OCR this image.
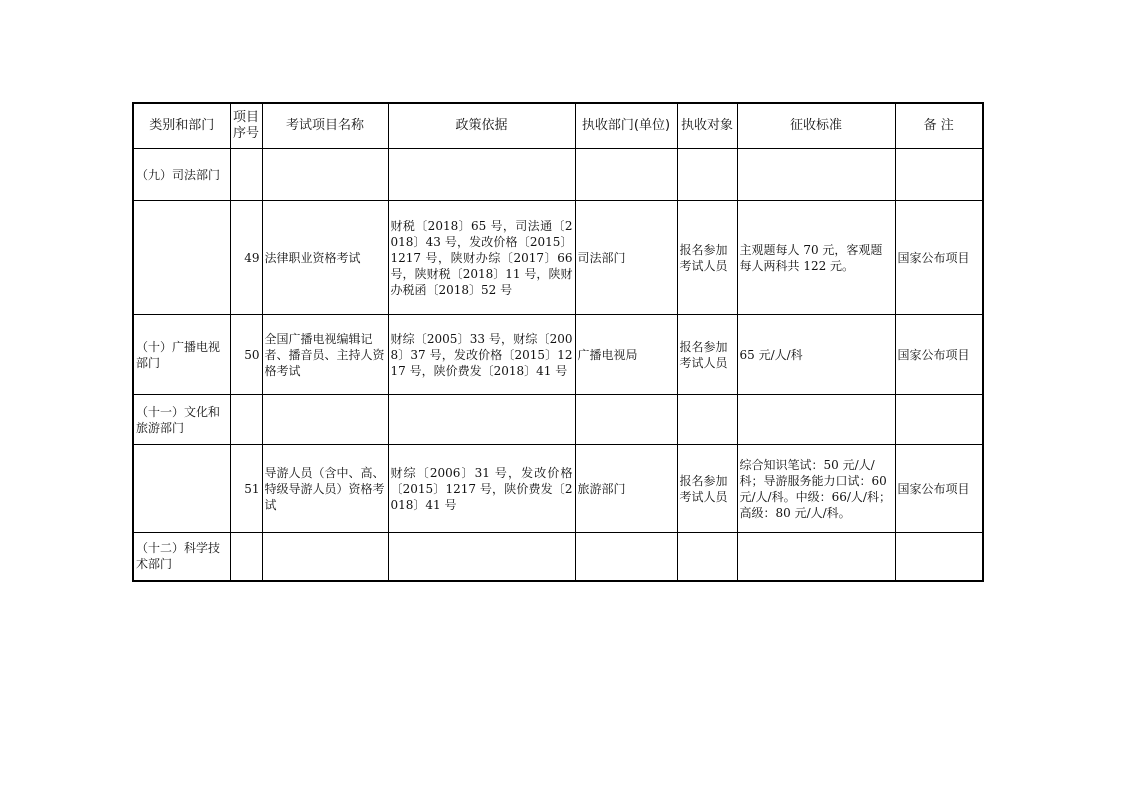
类别和部门	项目序号	考试项目名称	政策依据	执收部门(单位)	执收对象	征收标准	备 注
（九）司法部门							
	49	法律职业资格考试	财税〔2018〕65 号，司法通〔2018〕43 号，发改价格〔2015〕1217 号，陕财办综〔2017〕66 号，陕财税〔2018〕11 号，陕财办税函〔2018〕52 号	司法部门	报名参加考试人员	主观题每人 70 元，客观题每人两科共 122 元。	国家公布项目
（十）广播电视部门	50	全国广播电视编辑记者、播音员、主持人资格考试	财综〔2005〕33 号，财综〔2008〕37 号，发改价格〔2015〕1217 号，陕价费发〔2018〕41 号	广播电视局	报名参加考试人员	65 元/人/科	国家公布项目
（十一）文化和旅游部门							
	51	导游人员（含中、高、特级导游人员）资格考试	财综〔2006〕31 号，发改价格〔2015〕1217 号，陕价费发〔2018〕41 号	旅游部门	报名参加考试人员	综合知识笔试：50 元/人/科；导游服务能力口试：60 元/人/科。中级：66/人/科；高级：80 元/人/科。	国家公布项目
（十二）科学技术部门							
